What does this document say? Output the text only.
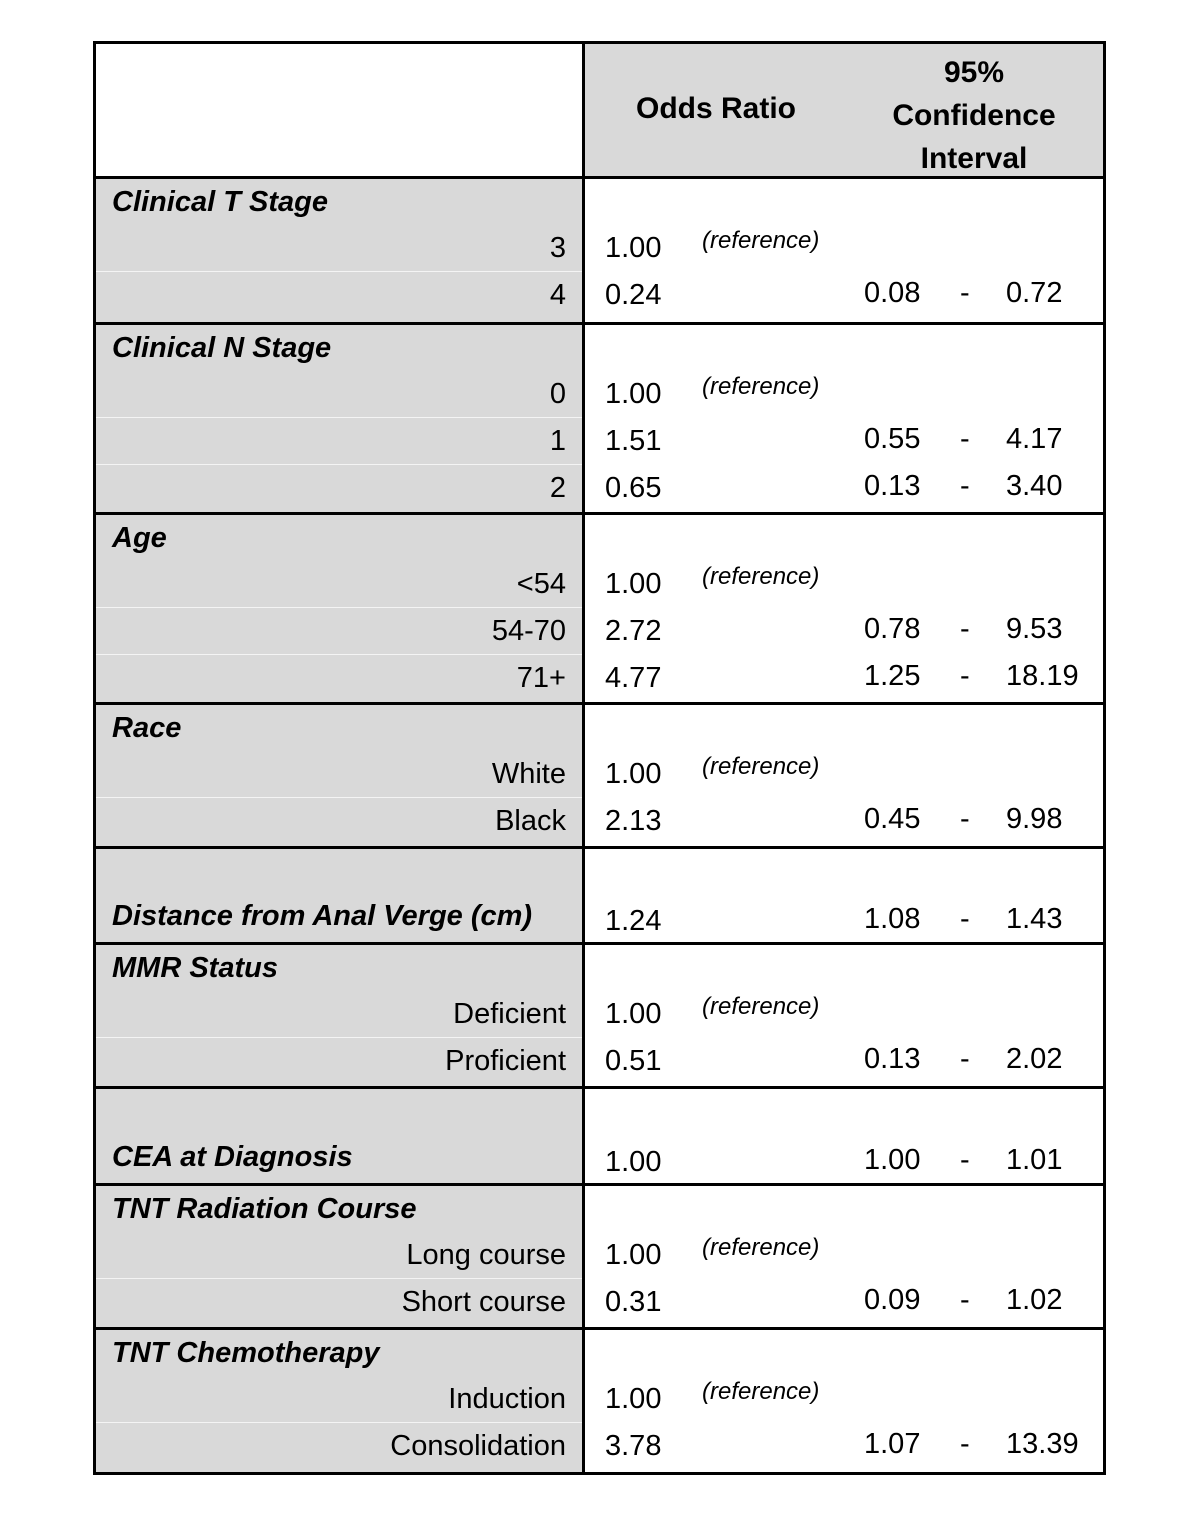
Odds Ratio
95%
Confidence
Interval
Clinical T Stage
3 1.00 (reference)
4 0.24	0.08 - 0.72
Clinical N Stage
0 1.00 (reference)
1 1.51	0.55 - 4.17
2 0.65	0.13 - 3.40
Age
<54 1.00 (reference)
54-70 2.72	0.78 - 9.53
71+ 4.77	1.25 - 18.19
Race
White 1.00 (reference)
Black 2.13	0.45 - 9.98
Distance from Anal Verge (cm)	1.24	1.08 - 1.43
MMR Status
Deficient 1.00 (reference)
Proficient 0.51	0.13 - 2.02
CEA at Diagnosis	1.00	1.00 - 1.01
TNT Radiation Course
Long course 1.00 (reference)
Short course 0.31	0.09 - 1.02
TNT Chemotherapy
Induction 1.00 (reference)
Consolidation 3.78	1.07 - 13.39
